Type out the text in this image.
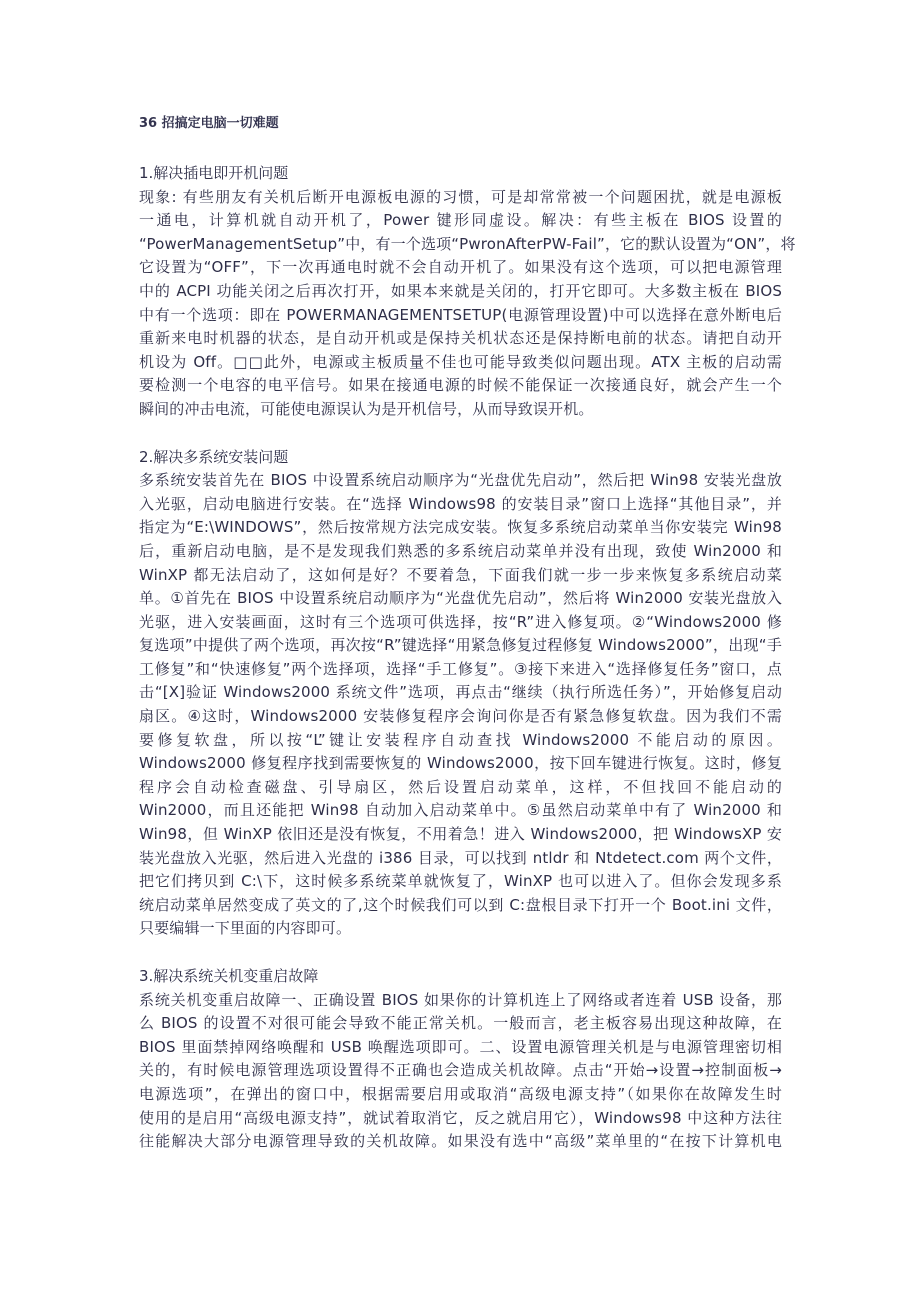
36 招搞定电脑一切难题
1.解决插电即开机问题
现象: 有些朋友有关机后断开电源板电源的习惯，可是却常常被一个问题困扰，就是电源板
一通电，计算机就自动开机了，Power 键形同虚设。解决：有些主板在 BIOS 设置的
“PowerManagementSetup”中，有一个选项“PwronAfterPW-Fail”，它的默认设置为“ON”，将
它设置为“OFF”，下一次再通电时就不会自动开机了。如果没有这个选项，可以把电源管理
中的 ACPI 功能关闭之后再次打开，如果本来就是关闭的，打开它即可。大多数主板在 BIOS
中有一个选项：即在 POWERMANAGEMENTSETUP(电源管理设置)中可以选择在意外断电后
重新来电时机器的状态，是自动开机或是保持关机状态还是保持断电前的状态。请把自动开
机设为 Off。□□此外，电源或主板质量不佳也可能导致类似问题出现。ATX 主板的启动需
要检测一个电容的电平信号。如果在接通电源的时候不能保证一次接通良好，就会产生一个
瞬间的冲击电流，可能使电源误认为是开机信号，从而导致误开机。
2.解决多系统安装问题
多系统安装首先在 BIOS 中设置系统启动顺序为“光盘优先启动”，然后把 Win98 安装光盘放
入光驱，启动电脑进行安装。在“选择 Windows98 的安装目录”窗口上选择“其他目录”，并
指定为“E:\WINDOWS”，然后按常规方法完成安装。恢复多系统启动菜单当你安装完 Win98
后，重新启动电脑，是不是发现我们熟悉的多系统启动菜单并没有出现，致使 Win2000 和
WinXP 都无法启动了，这如何是好？不要着急，下面我们就一步一步来恢复多系统启动菜
单。①首先在 BIOS 中设置系统启动顺序为“光盘优先启动”，然后将 Win2000 安装光盘放入
光驱，进入安装画面，这时有三个选项可供选择，按“R”进入修复项。②“Windows2000 修
复选项”中提供了两个选项，再次按“R”键选择“用紧急修复过程修复 Windows2000”，出现“手
工修复”和“快速修复”两个选择项，选择“手工修复”。③接下来进入“选择修复任务”窗口，点
击“[X]验证 Windows2000 系统文件”选项，再点击“继续（执行所选任务）”，开始修复启动
扇区。④这时，Windows2000 安装修复程序会询问你是否有紧急修复软盘。因为我们不需
要修复软盘，所以按“L”键让安装程序自动查找 Windows2000 不能启动的原因。
Windows2000 修复程序找到需要恢复的 Windows2000，按下回车键进行恢复。这时，修复
程序会自动检查磁盘、引导扇区，然后设置启动菜单，这样，不但找回不能启动的
Win2000，而且还能把 Win98 自动加入启动菜单中。⑤虽然启动菜单中有了 Win2000 和
Win98，但 WinXP 依旧还是没有恢复，不用着急！进入 Windows2000，把 WindowsXP 安
装光盘放入光驱，然后进入光盘的 i386 目录，可以找到 ntldr 和 Ntdetect.com 两个文件，
把它们拷贝到 C:\下，这时候多系统菜单就恢复了，WinXP 也可以进入了。但你会发现多系
统启动菜单居然变成了英文的了,这个时候我们可以到 C:盘根目录下打开一个 Boot.ini 文件，
只要编辑一下里面的内容即可。
3.解决系统关机变重启故障
系统关机变重启故障一、正确设置 BIOS 如果你的计算机连上了网络或者连着 USB 设备，那
么 BIOS 的设置不对很可能会导致不能正常关机。一般而言，老主板容易出现这种故障，在
BIOS 里面禁掉网络唤醒和 USB 唤醒选项即可。二、设置电源管理关机是与电源管理密切相
关的，有时候电源管理选项设置得不正确也会造成关机故障。点击“开始→设置→控制面板→
电源选项”，在弹出的窗口中，根据需要启用或取消“高级电源支持”（如果你在故障发生时
使用的是启用“高级电源支持”，就试着取消它，反之就启用它），Windows98 中这种方法往
往能解决大部分电源管理导致的关机故障。如果没有选中“高级”菜单里的“在按下计算机电
